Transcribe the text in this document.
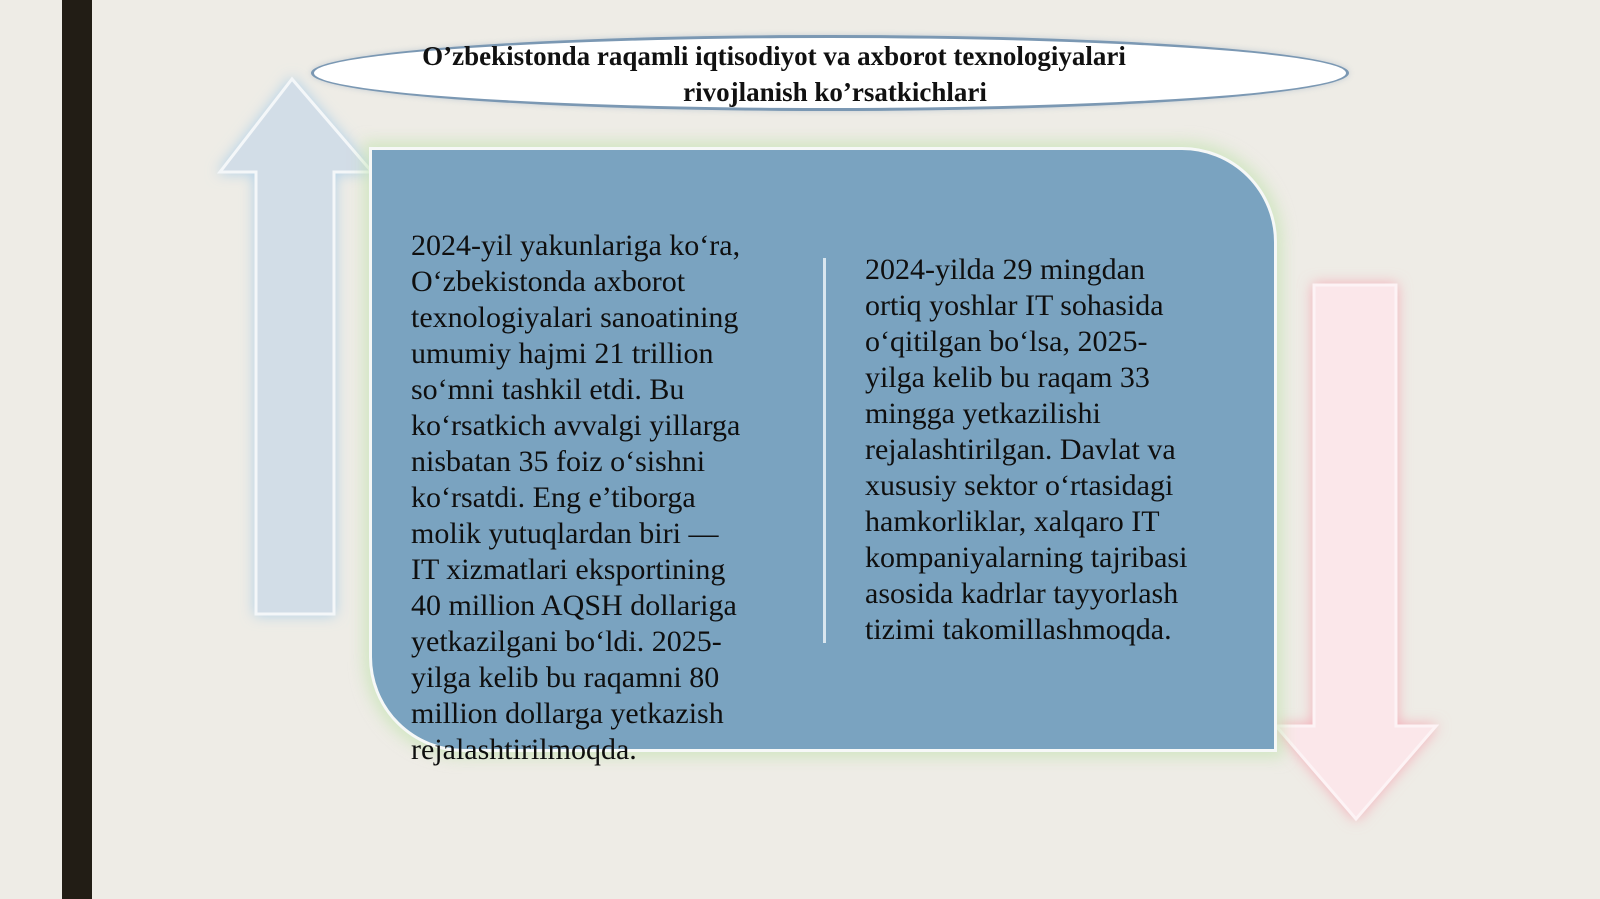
O’zbekistonda raqamli iqtisodiyot va axborot texnologiyalari
rivojlanish ko’rsatkichlari
2024-yil yakunlariga koʻra,
Oʻzbekistonda axborot
texnologiyalari sanoatining
umumiy hajmi 21 trillion
soʻmni tashkil etdi. Bu
koʻrsatkich avvalgi yillarga
nisbatan 35 foiz oʻsishni
koʻrsatdi. Eng e’tiborga
molik yutuqlardan biri —
IT xizmatlari eksportining
40 million AQSH dollariga
yetkazilgani boʻldi. 2025-
yilga kelib bu raqamni 80
million dollarga yetkazish
rejalashtirilmoqda.
2024-yilda 29 mingdan
ortiq yoshlar IT sohasida
oʻqitilgan boʻlsa, 2025-
yilga kelib bu raqam 33
mingga yetkazilishi
rejalashtirilgan. Davlat va
xususiy sektor oʻrtasidagi
hamkorliklar, xalqaro IT
kompaniyalarning tajribasi
asosida kadrlar tayyorlash
tizimi takomillashmoqda.
